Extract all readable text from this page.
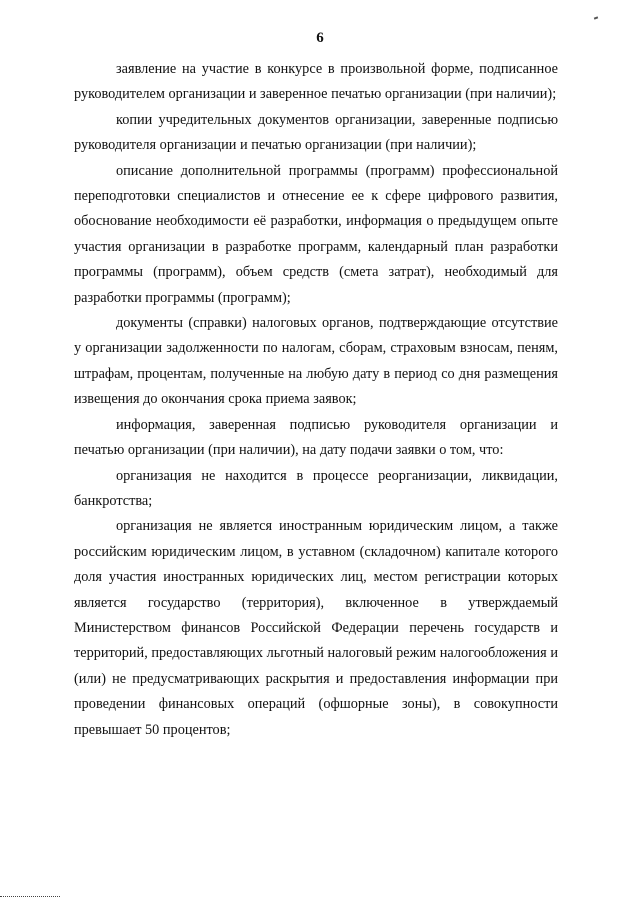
6

заявление на участие в конкурсе в произвольной форме, подписанное руководителем организации и заверенное печатью организации (при наличии);

копии учредительных документов организации, заверенные подписью руководителя организации и печатью организации (при наличии);

описание дополнительной программы (программ) профессиональной переподготовки специалистов и отнесение ее к сфере цифрового развития, обоснование необходимости её разработки, информация о предыдущем опыте участия организации в разработке программ, календарный план разработки программы (программ), объем средств (смета затрат), необходимый для разработки программы (программ);

документы (справки) налоговых органов, подтверждающие отсутствие у организации задолженности по налогам, сборам, страховым взносам, пеням, штрафам, процентам, полученные на любую дату в период со дня размещения извещения до окончания срока приема заявок;

информация, заверенная подписью руководителя организации и печатью организации (при наличии), на дату подачи заявки о том, что:

организация не находится в процессе реорганизации, ликвидации, банкротства;

организация не является иностранным юридическим лицом, а также российским юридическим лицом, в уставном (складочном) капитале которого доля участия иностранных юридических лиц, местом регистрации которых является государство (территория), включенное в утверждаемый Министерством финансов Российской Федерации перечень государств и территорий, предоставляющих льготный налоговый режим налогообложения и (или) не предусматривающих раскрытия и предоставления информации при проведении финансовых операций (офшорные зоны), в совокупности превышает 50 процентов;
